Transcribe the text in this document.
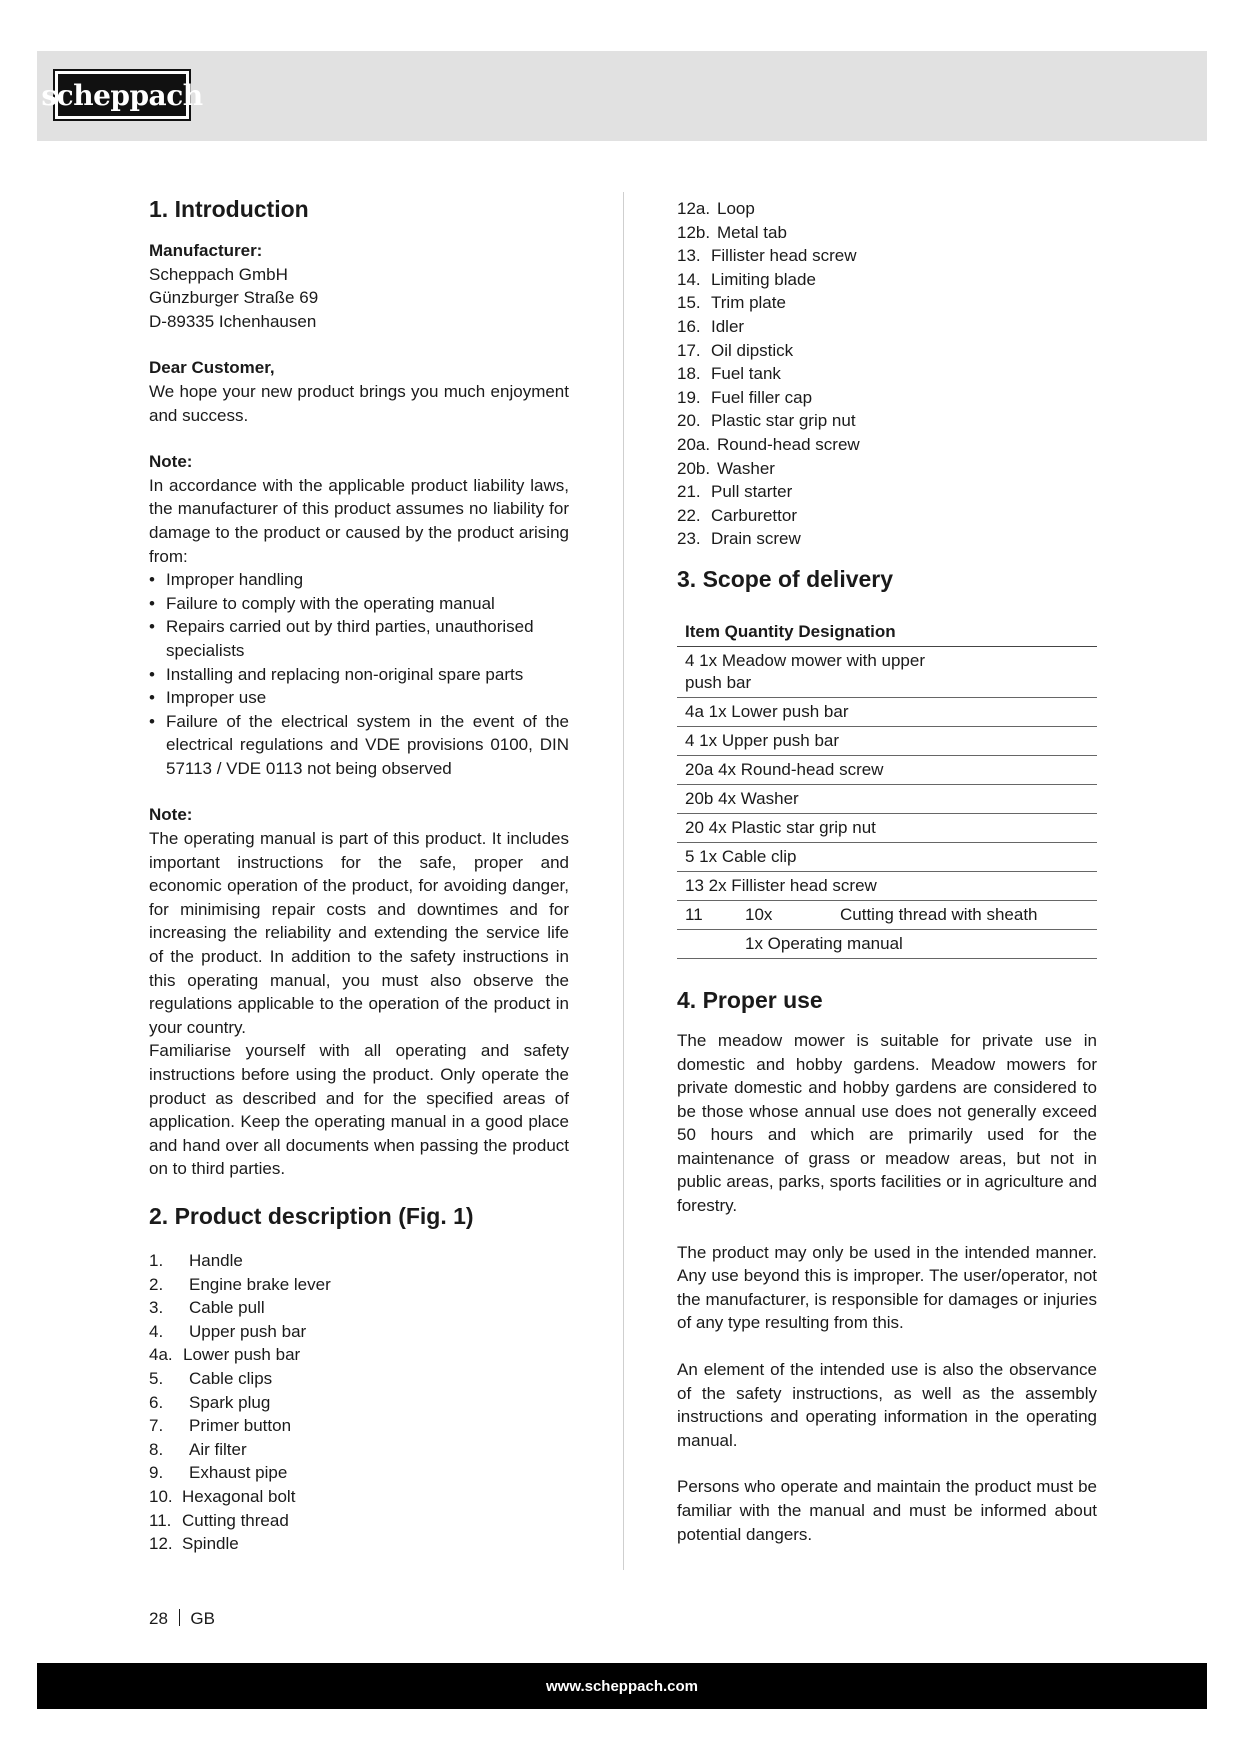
scheppach
1. Introduction

Manufacturer:

Scheppach GmbH

Günzburger Straße 69

D-89335 Ichenhausen

Dear Customer,

We hope your new product brings you much enjoyment and success.

Note:

In accordance with the applicable product liability laws, the manufacturer of this product assumes no liability for damage to the product or caused by the product arising from:

• Improper handling
• Failure to comply with the operating manual
• Repairs carried out by third parties, unauthorised specialists
• Installing and replacing non-original spare parts
• Improper use
• Failure of the electrical system in the event of the electrical regulations and VDE provisions 0100, DIN 57113 / VDE 0113 not being observed

Note:

The operating manual is part of this product. It includes important instructions for the safe, proper and economic operation of the product, for avoiding danger, for minimising repair costs and downtimes and for increasing the reliability and extending the service life of the product. In addition to the safety instructions in this operating manual, you must also observe the regulations applicable to the operation of the product in your country.

Familiarise yourself with all operating and safety instructions before using the product. Only operate the product as described and for the specified areas of application. Keep the operating manual in a good place and hand over all documents when passing the product on to third parties.

2. Product description (Fig. 1)
1.	Handle
2.	Engine brake lever
3.	Cable pull
4.	Upper push bar
4a. Lower push bar
5.	Cable clips
6.	Spark plug
7.	Primer button
8.	Air filter
9.	Exhaust pipe
10. Hexagonal bolt
11. Cutting thread
12. Spindle
12a. Loop
12b. Metal tab
13. Fillister head screw
14. Limiting blade
15. Trim plate
16. Idler
17. Oil dipstick
18. Fuel tank
19. Fuel filler cap
20. Plastic star grip nut
20a. Round-head screw
20b. Washer
21. Pull starter
22. Carburettor
23. Drain screw
3. Scope of delivery
Item Quantity Designation
4 1x Meadow mower with upper push bar
4a 1x Lower push bar
4 1x Upper push bar
20a 4x Round-head screw
20b 4x Washer
20 4x Plastic star grip nut
5 1x Cable clip
13 2x Fillister head screw

11	10x	Cutting thread with sheath

1x Operating manual
4. Proper use

The meadow mower is suitable for private use in domestic and hobby gardens. Meadow mowers for private domestic and hobby gardens are considered to be those whose annual use does not generally exceed 50 hours and which are primarily used for the maintenance of grass or meadow areas, but not in public areas, parks, sports facilities or in agriculture and forestry.

The product may only be used in the intended manner. Any use beyond this is improper. The user/operator, not the manufacturer, is responsible for damages or injuries of any type resulting from this.

An element of the intended use is also the observance of the safety instructions, as well as the assembly instructions and operating information in the operating manual.

Persons who operate and maintain the product must be familiar with the manual and must be informed about potential dangers.

28 GB
www.scheppach.com
